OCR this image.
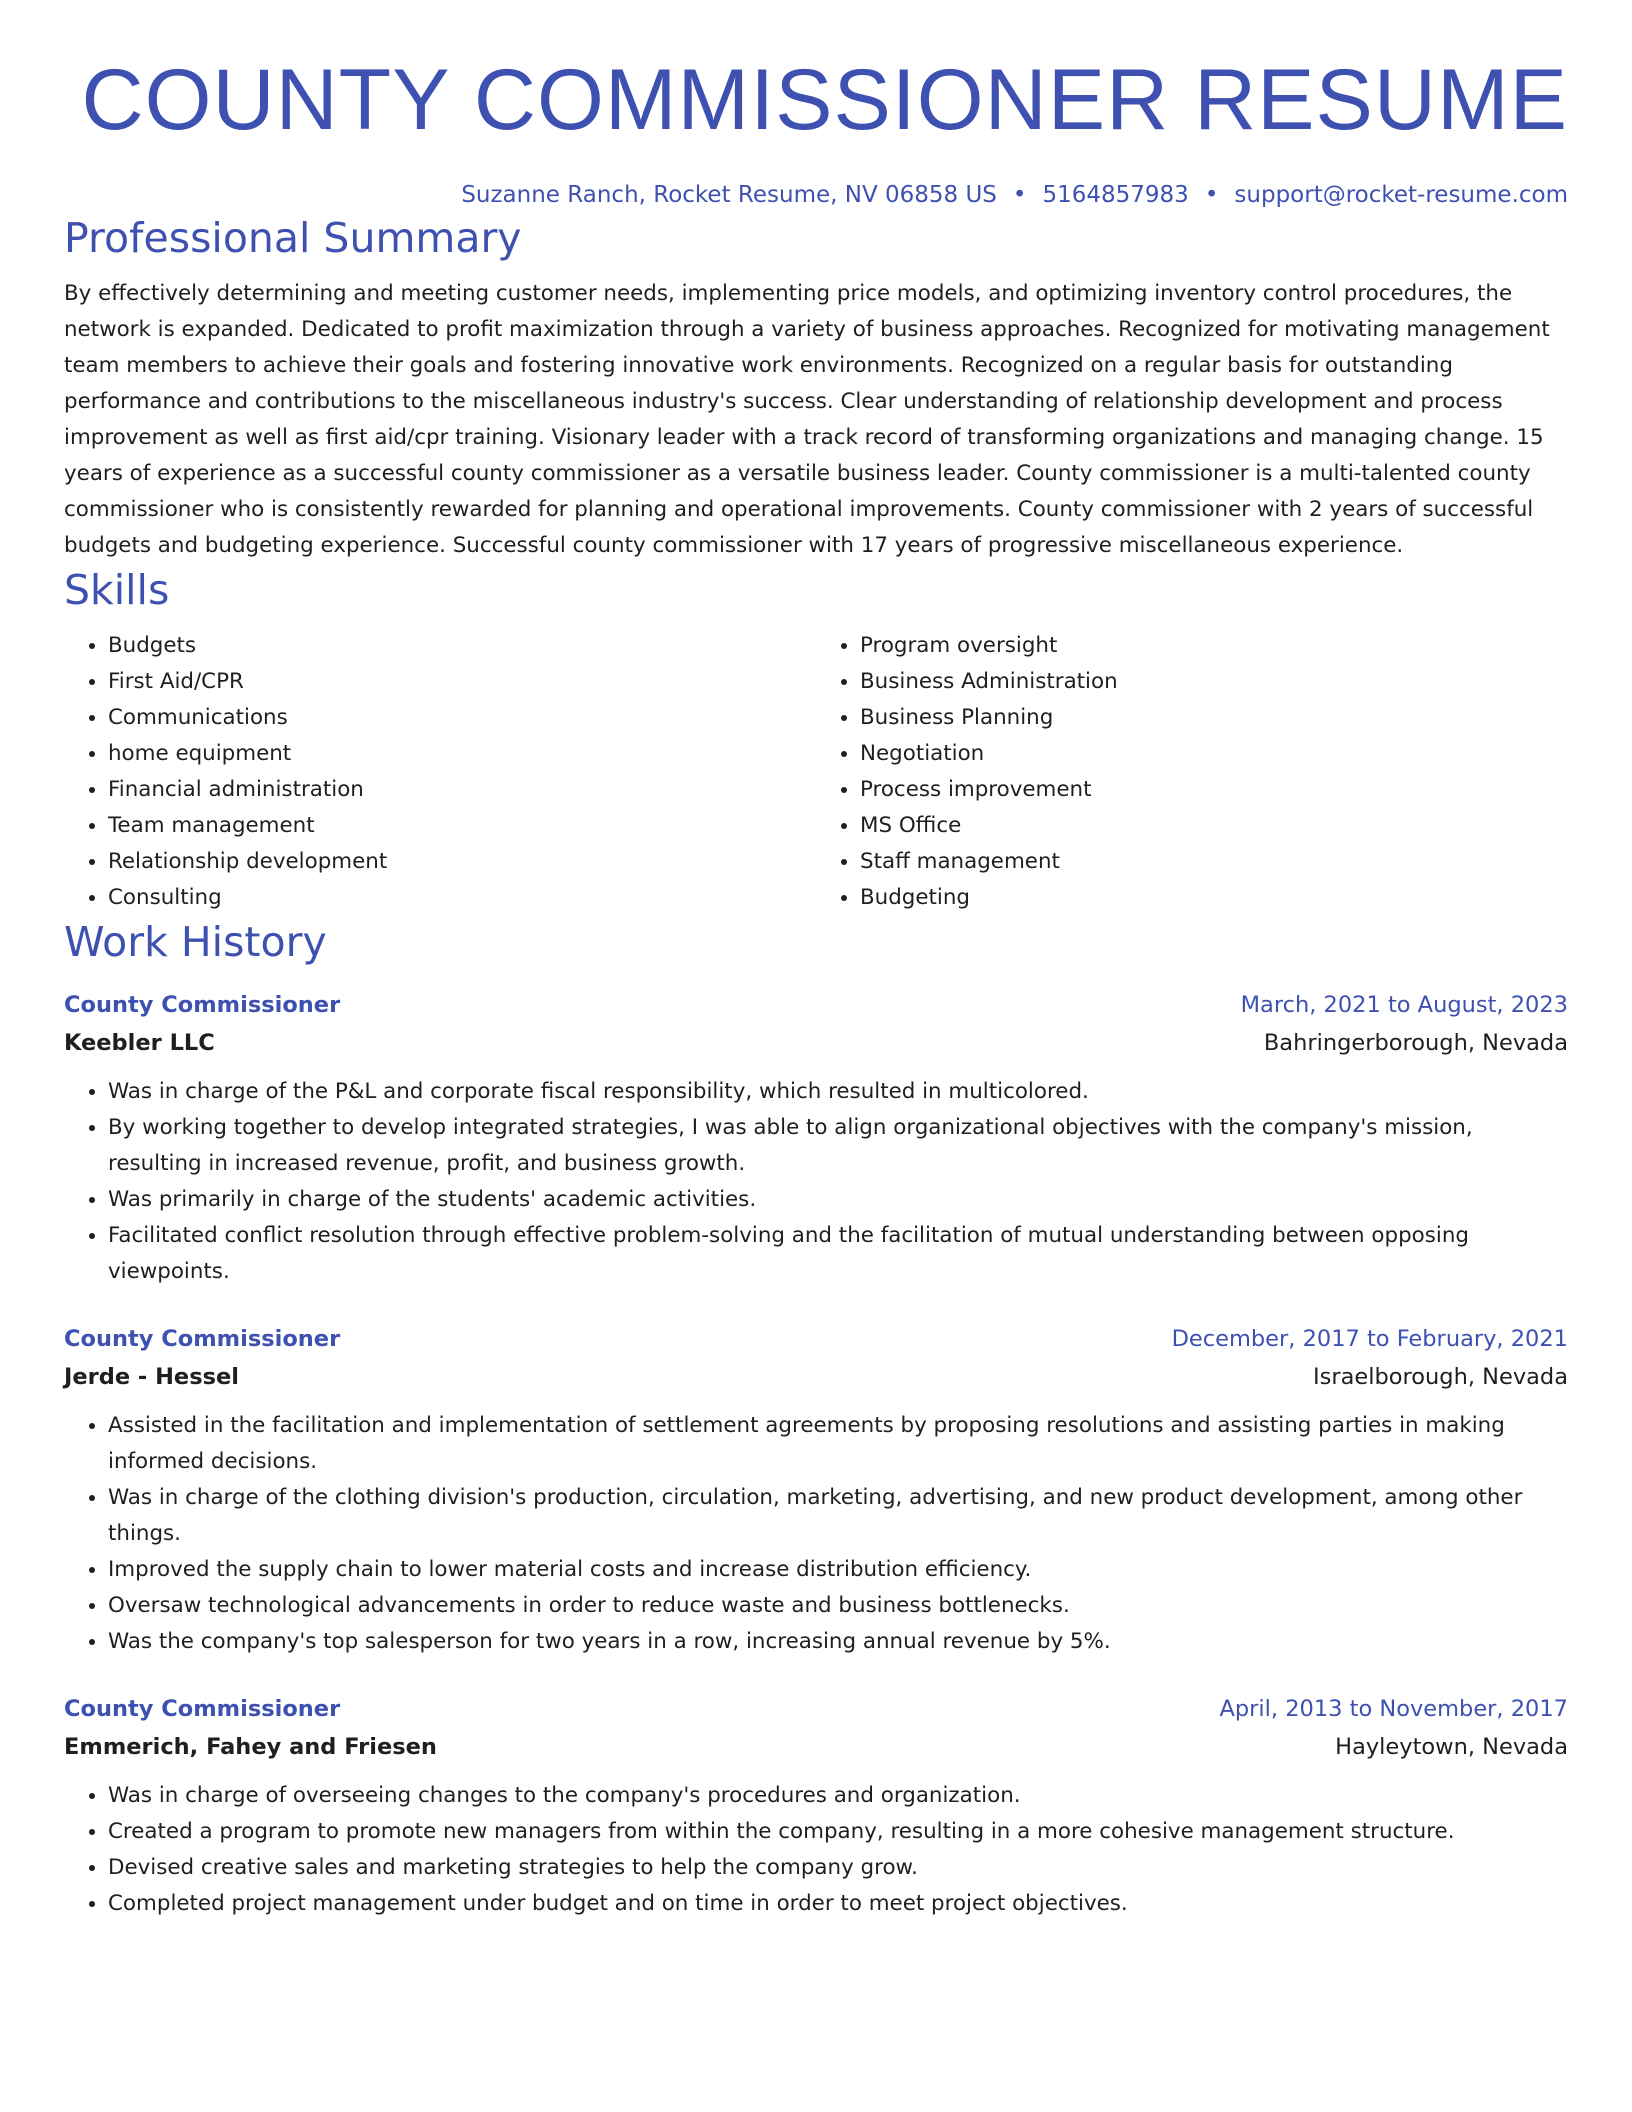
COUNTY COMMISSIONER RESUME
Suzanne Ranch, Rocket Resume, NV 06858 US • 5164857983 • support@rocket-resume.com
Professional Summary
By effectively determining and meeting customer needs, implementing price models, and optimizing inventory control procedures, the network is expanded. Dedicated to profit maximization through a variety of business approaches. Recognized for motivating management team members to achieve their goals and fostering innovative work environments. Recognized on a regular basis for outstanding performance and contributions to the miscellaneous industry's success. Clear understanding of relationship development and process improvement as well as first aid/cpr training. Visionary leader with a track record of transforming organizations and managing change. 15 years of experience as a successful county commissioner as a versatile business leader. County commissioner is a multi-talented county commissioner who is consistently rewarded for planning and operational improvements. County commissioner with 2 years of successful budgets and budgeting experience. Successful county commissioner with 17 years of progressive miscellaneous experience.
Skills
• Budgets
• First Aid/CPR
• Communications
• home equipment
• Financial administration
• Team management
• Relationship development
• Consulting
• Program oversight
• Business Administration
• Business Planning
• Negotiation
• Process improvement
• MS Office
• Staff management
• Budgeting
Work History
County Commissioner	March, 2021 to August, 2023
Keebler LLC	Bahringerborough, Nevada
• Was in charge of the P&L and corporate fiscal responsibility, which resulted in multicolored.
• By working together to develop integrated strategies, I was able to align organizational objectives with the company's mission, resulting in increased revenue, profit, and business growth.
• Was primarily in charge of the students' academic activities.
• Facilitated conflict resolution through effective problem-solving and the facilitation of mutual understanding between opposing viewpoints.
County Commissioner	December, 2017 to February, 2021
Jerde - Hessel	Israelborough, Nevada
• Assisted in the facilitation and implementation of settlement agreements by proposing resolutions and assisting parties in making informed decisions.
• Was in charge of the clothing division's production, circulation, marketing, advertising, and new product development, among other things.
• Improved the supply chain to lower material costs and increase distribution efficiency.
• Oversaw technological advancements in order to reduce waste and business bottlenecks.
• Was the company's top salesperson for two years in a row, increasing annual revenue by 5%.
County Commissioner	April, 2013 to November, 2017
Emmerich, Fahey and Friesen	Hayleytown, Nevada
• Was in charge of overseeing changes to the company's procedures and organization.
• Created a program to promote new managers from within the company, resulting in a more cohesive management structure.
• Devised creative sales and marketing strategies to help the company grow.
• Completed project management under budget and on time in order to meet project objectives.
